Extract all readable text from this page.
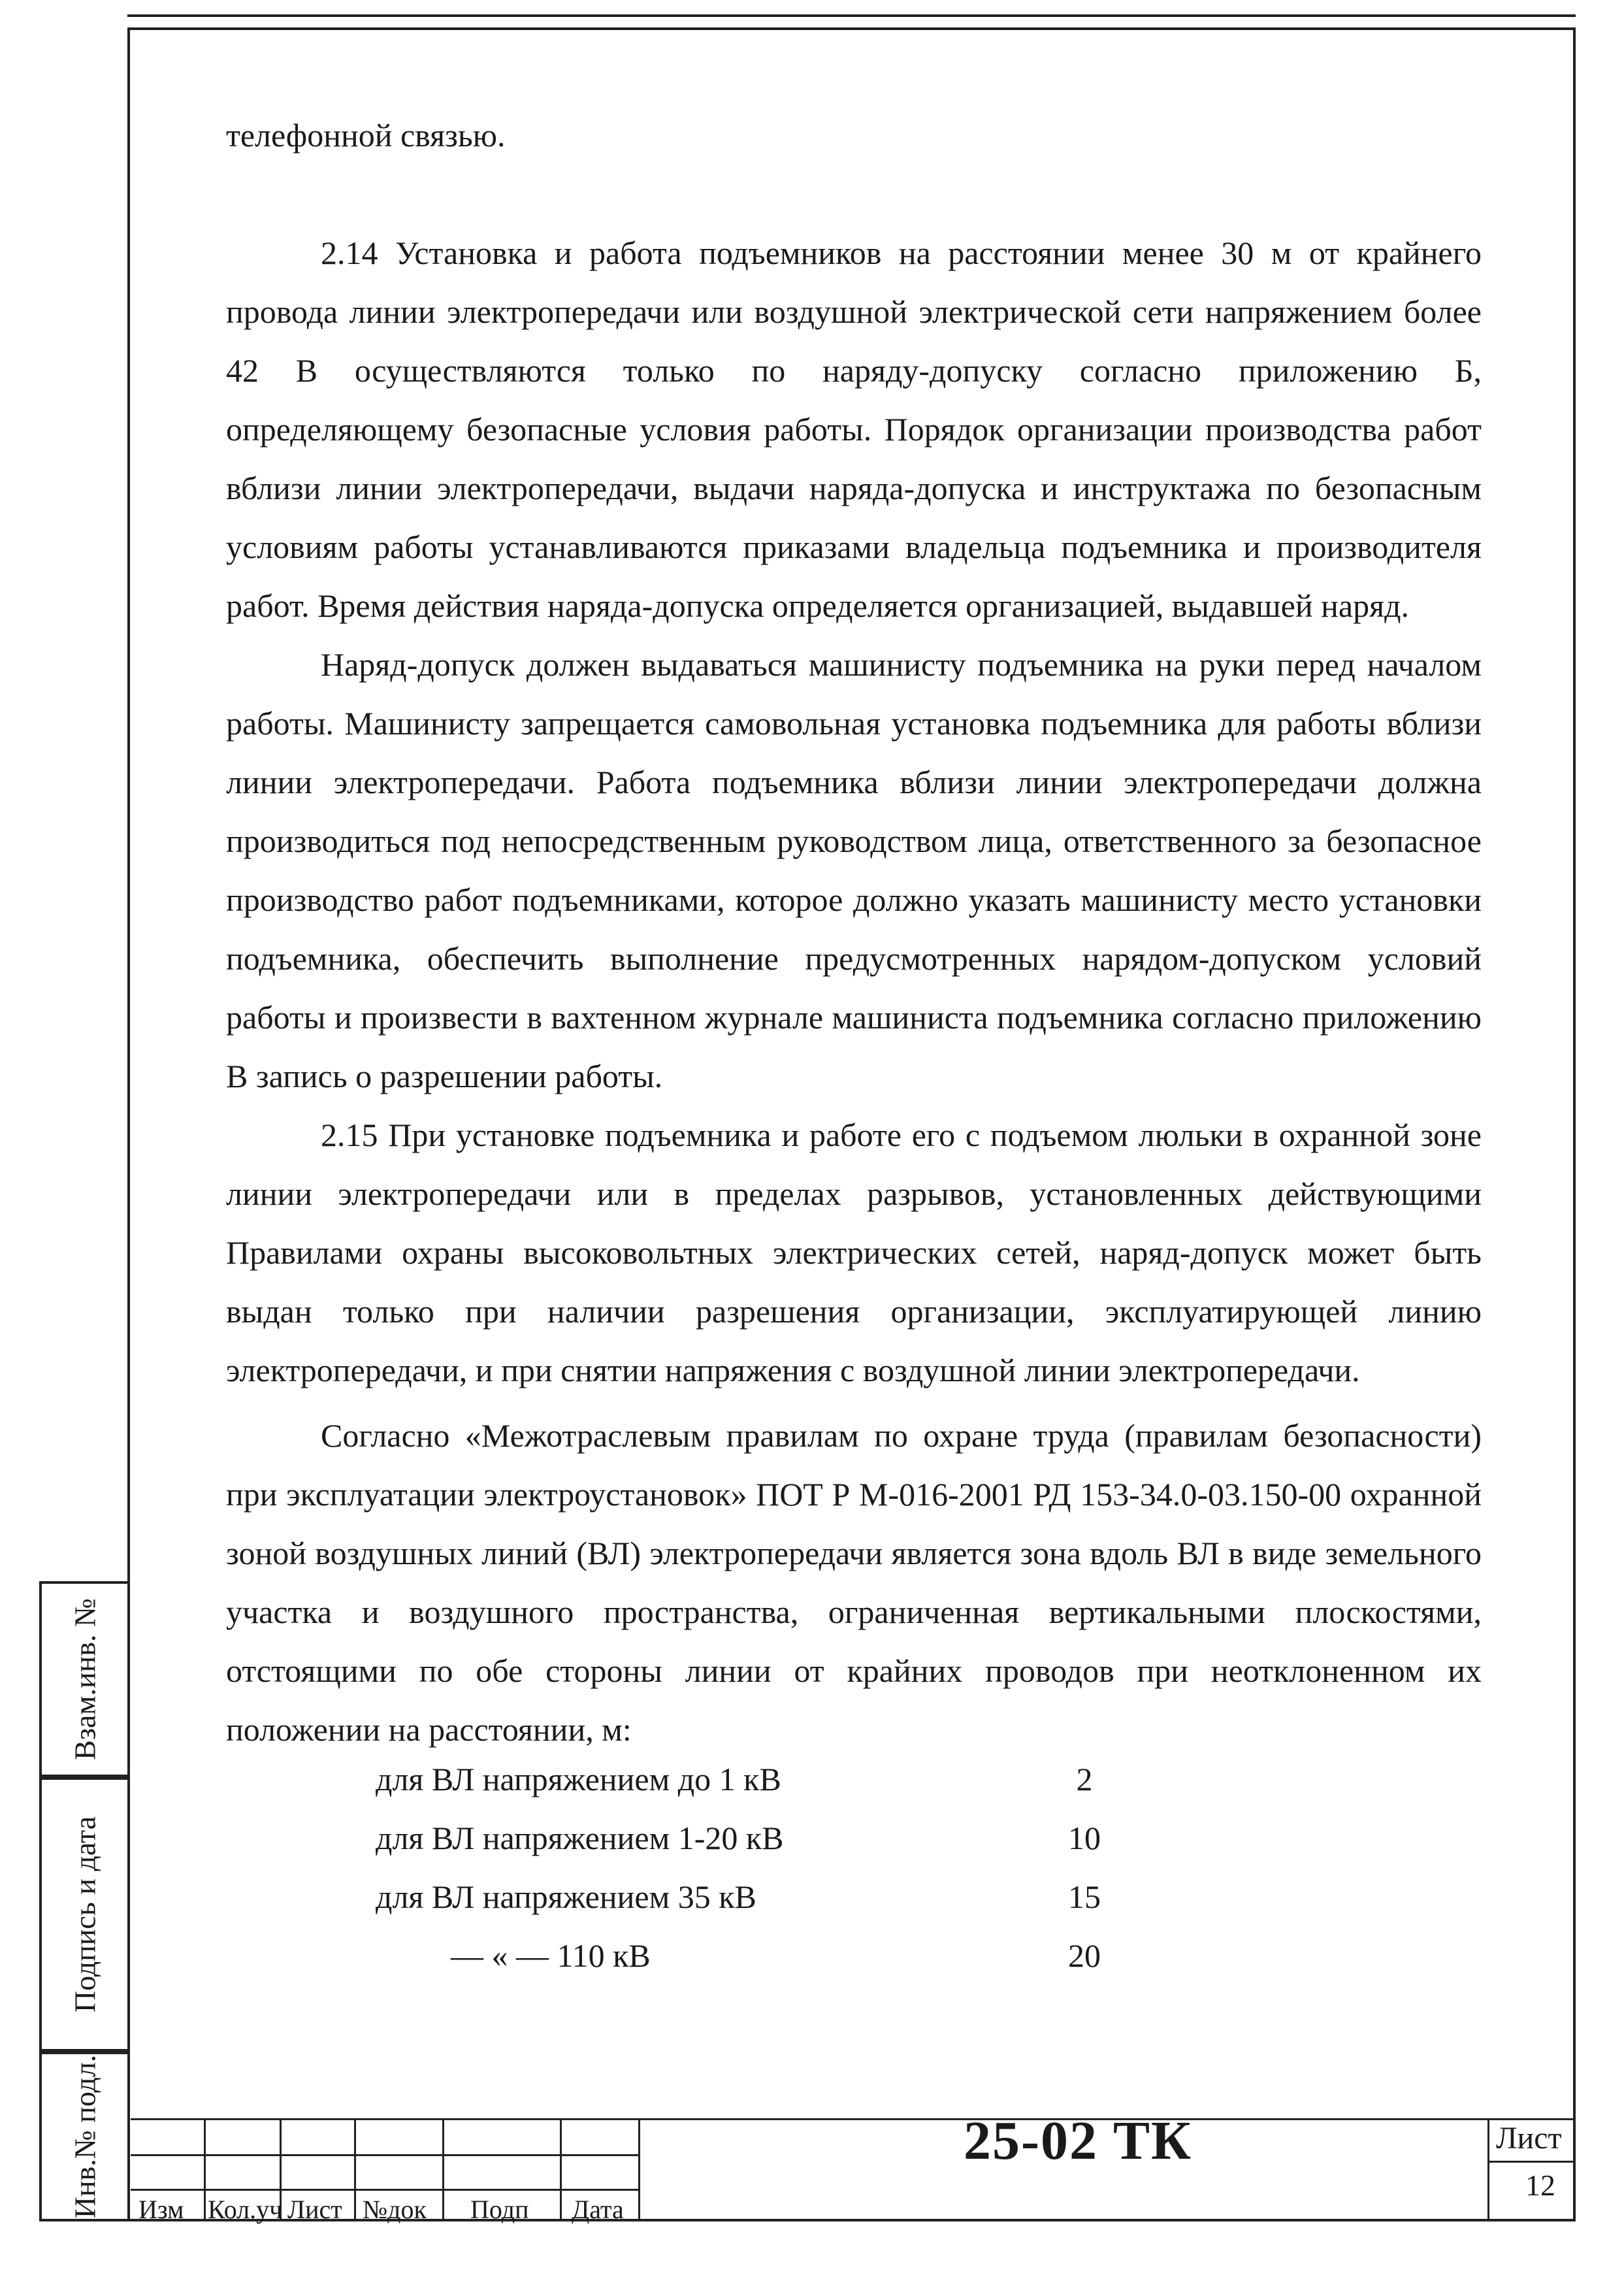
Взам.инв. №
Подпись и дата
Инв.№ подл.

телефонной связью.

2.14 Установка и работа подъемников на расстоянии менее 30 м от крайнего провода линии электропередачи или воздушной электрической сети напряжением более 42 В осуществляются только по наряду-допуску согласно приложению Б, определяющему безопасные условия работы. Порядок организации производства работ вблизи линии электропередачи, выдачи наряда-допуска и инструктажа по безопасным условиям работы устанавливаются приказами владельца подъемника и производителя работ. Время действия наряда-допуска определяется организацией, выдавшей наряд.

Наряд-допуск должен выдаваться машинисту подъемника на руки перед началом работы. Машинисту запрещается самовольная установка подъемника для работы вблизи линии электропередачи. Работа подъемника вблизи линии электропередачи должна производиться под непосредственным руководством лица, ответственного за безопасное производство работ подъемниками, которое должно указать машинисту место установки подъемника, обеспечить выполнение предусмотренных нарядом-допуском условий работы и произвести в вахтенном журнале машиниста подъемника согласно приложению В запись о разрешении работы.

2.15 При установке подъемника и работе его с подъемом люльки в охранной зоне линии электропередачи или в пределах разрывов, установленных действующими Правилами охраны высоковольтных электрических сетей, наряд-допуск может быть выдан только при наличии разрешения организации, эксплуатирующей линию электропередачи, и при снятии напряжения с воздушной линии электропередачи.

Согласно «Межотраслевым правилам по охране труда (правилам безопасности) при эксплуатации электроустановок» ПОТ Р М-016-2001 РД 153-34.0-03.150-00 охранной зоной воздушных линий (ВЛ) электропередачи является зона вдоль ВЛ в виде земельного участка и воздушного пространства, ограниченная вертикальными плоскостями, отстоящими по обе стороны линии от крайних проводов при неотклоненном их положении на расстоянии, м:

для ВЛ напряжением до 1 кВ	2
для ВЛ напряжением 1-20 кВ	10
для ВЛ напряжением 35 кВ	15
— « — 110 кВ	20
Изм Кол.уч Лист №док Подп Дата
25-02 ТК	Лист
12
